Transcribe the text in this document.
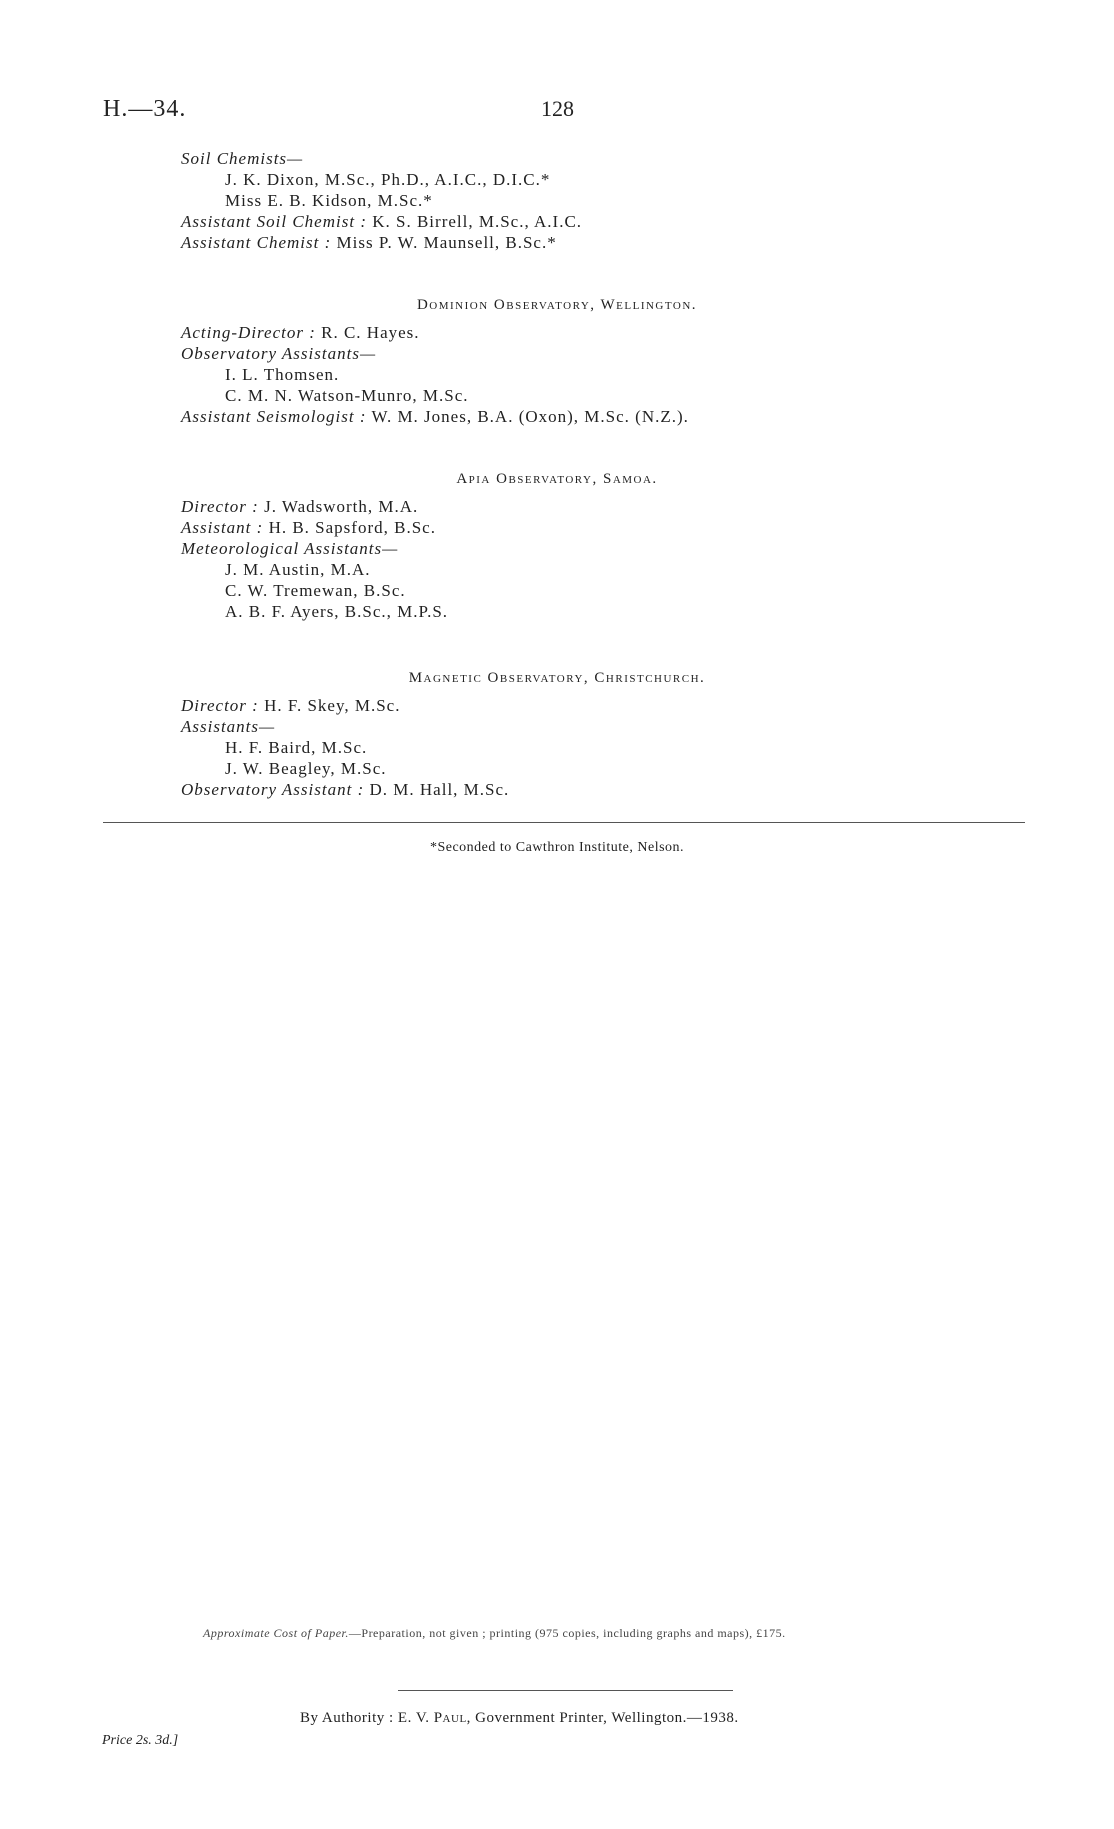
H.—34.	128
Soil Chemists—
J. K. Dixon, M.Sc., Ph.D., A.I.C., D.I.C.*
Miss E. B. Kidson, M.Sc.*
Assistant Soil Chemist : K. S. Birrell, M.Sc., A.I.C.
Assistant Chemist : Miss P. W. Maunsell, B.Sc.*
Dominion Observatory, Wellington.
Acting-Director : R. C. Hayes.
Observatory Assistants—
I. L. Thomsen.
C. M. N. Watson-Munro, M.Sc.
Assistant Seismologist : W. M. Jones, B.A. (Oxon), M.Sc. (N.Z.).
Apia Observatory, Samoa.
Director : J. Wadsworth, M.A.
Assistant : H. B. Sapsford, B.Sc.
Meteorological Assistants—
J. M. Austin, M.A.
C. W. Tremewan, B.Sc.
A. B. F. Ayers, B.Sc., M.P.S.
Magnetic Observatory, Christchurch.
Director : H. F. Skey, M.Sc.
Assistants—
H. F. Baird, M.Sc.
J. W. Beagley, M.Sc.
Observatory Assistant : D. M. Hall, M.Sc.
*Seconded to Cawthron Institute, Nelson.
Approximate Cost of Paper.—Preparation, not given ; printing (975 copies, including graphs and maps), £175.
By Authority : E. V. Paul, Government Printer, Wellington.—1938.
Price 2s. 3d.]
